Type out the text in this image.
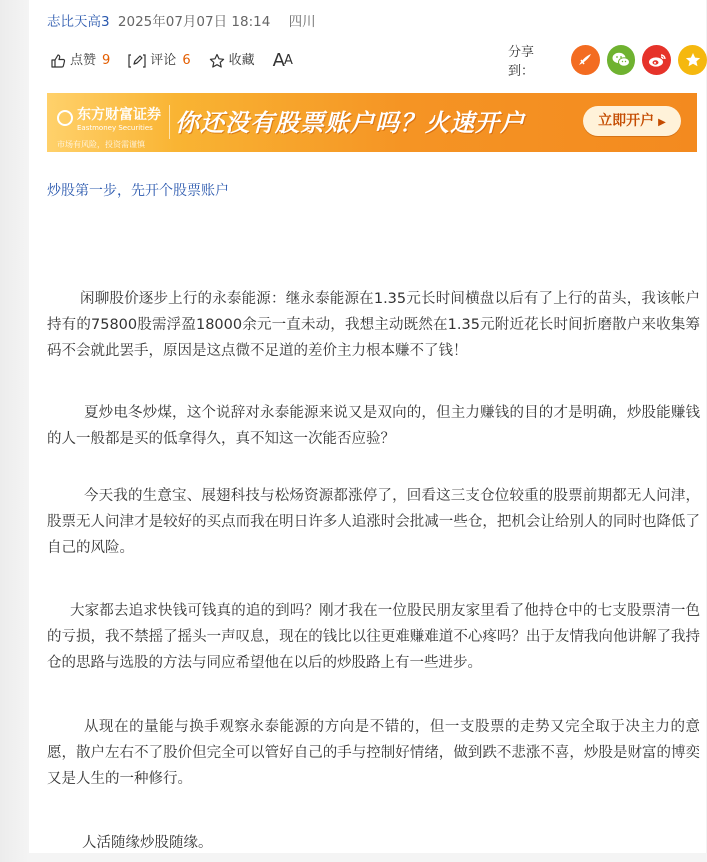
志比天高3 2025年07月07日 18:14 四川
点赞 9	评论 6	收藏 A A
分享到：
东方财富证券
Eastmoney Securities
市场有风险，投资需谨慎
你还没有股票账户吗？火速开户	立即开户 ▶
炒股第一步，先开个股票账户

闲聊股价逐步上行的永泰能源：继永泰能源在1.35元长时间横盘以后有了上行的苗头，我该帐户持有的75800股需浮盈18000余元一直未动，我想主动既然在1.35元附近花长时间折磨散户来收集筹码不会就此罢手，原因是这点微不足道的差价主力根本赚不了钱！

夏炒电冬炒煤，这个说辞对永泰能源来说又是双向的，但主力赚钱的目的才是明确，炒股能赚钱的人一般都是买的低拿得久，真不知这一次能否应验？

今天我的生意宝、展翅科技与松炀资源都涨停了，回看这三支仓位较重的股票前期都无人问津，股票无人问津才是较好的买点而我在明日许多人追涨时会批减一些仓，把机会让给别人的同时也降低了自己的风险。

大家都去追求快钱可钱真的追的到吗？刚才我在一位股民朋友家里看了他持仓中的七支股票清一色的亏损，我不禁摇了摇头一声叹息，现在的钱比以往更难赚难道不心疼吗？出于友情我向他讲解了我持仓的思路与选股的方法与同应希望他在以后的炒股路上有一些进步。

从现在的量能与换手观察永泰能源的方向是不错的，但一支股票的走势又完全取于决主力的意愿，散户左右不了股价但完全可以管好自己的手与控制好情绪，做到跌不悲涨不喜，炒股是财富的博奕又是人生的一种修行。

人活随缘炒股随缘。
